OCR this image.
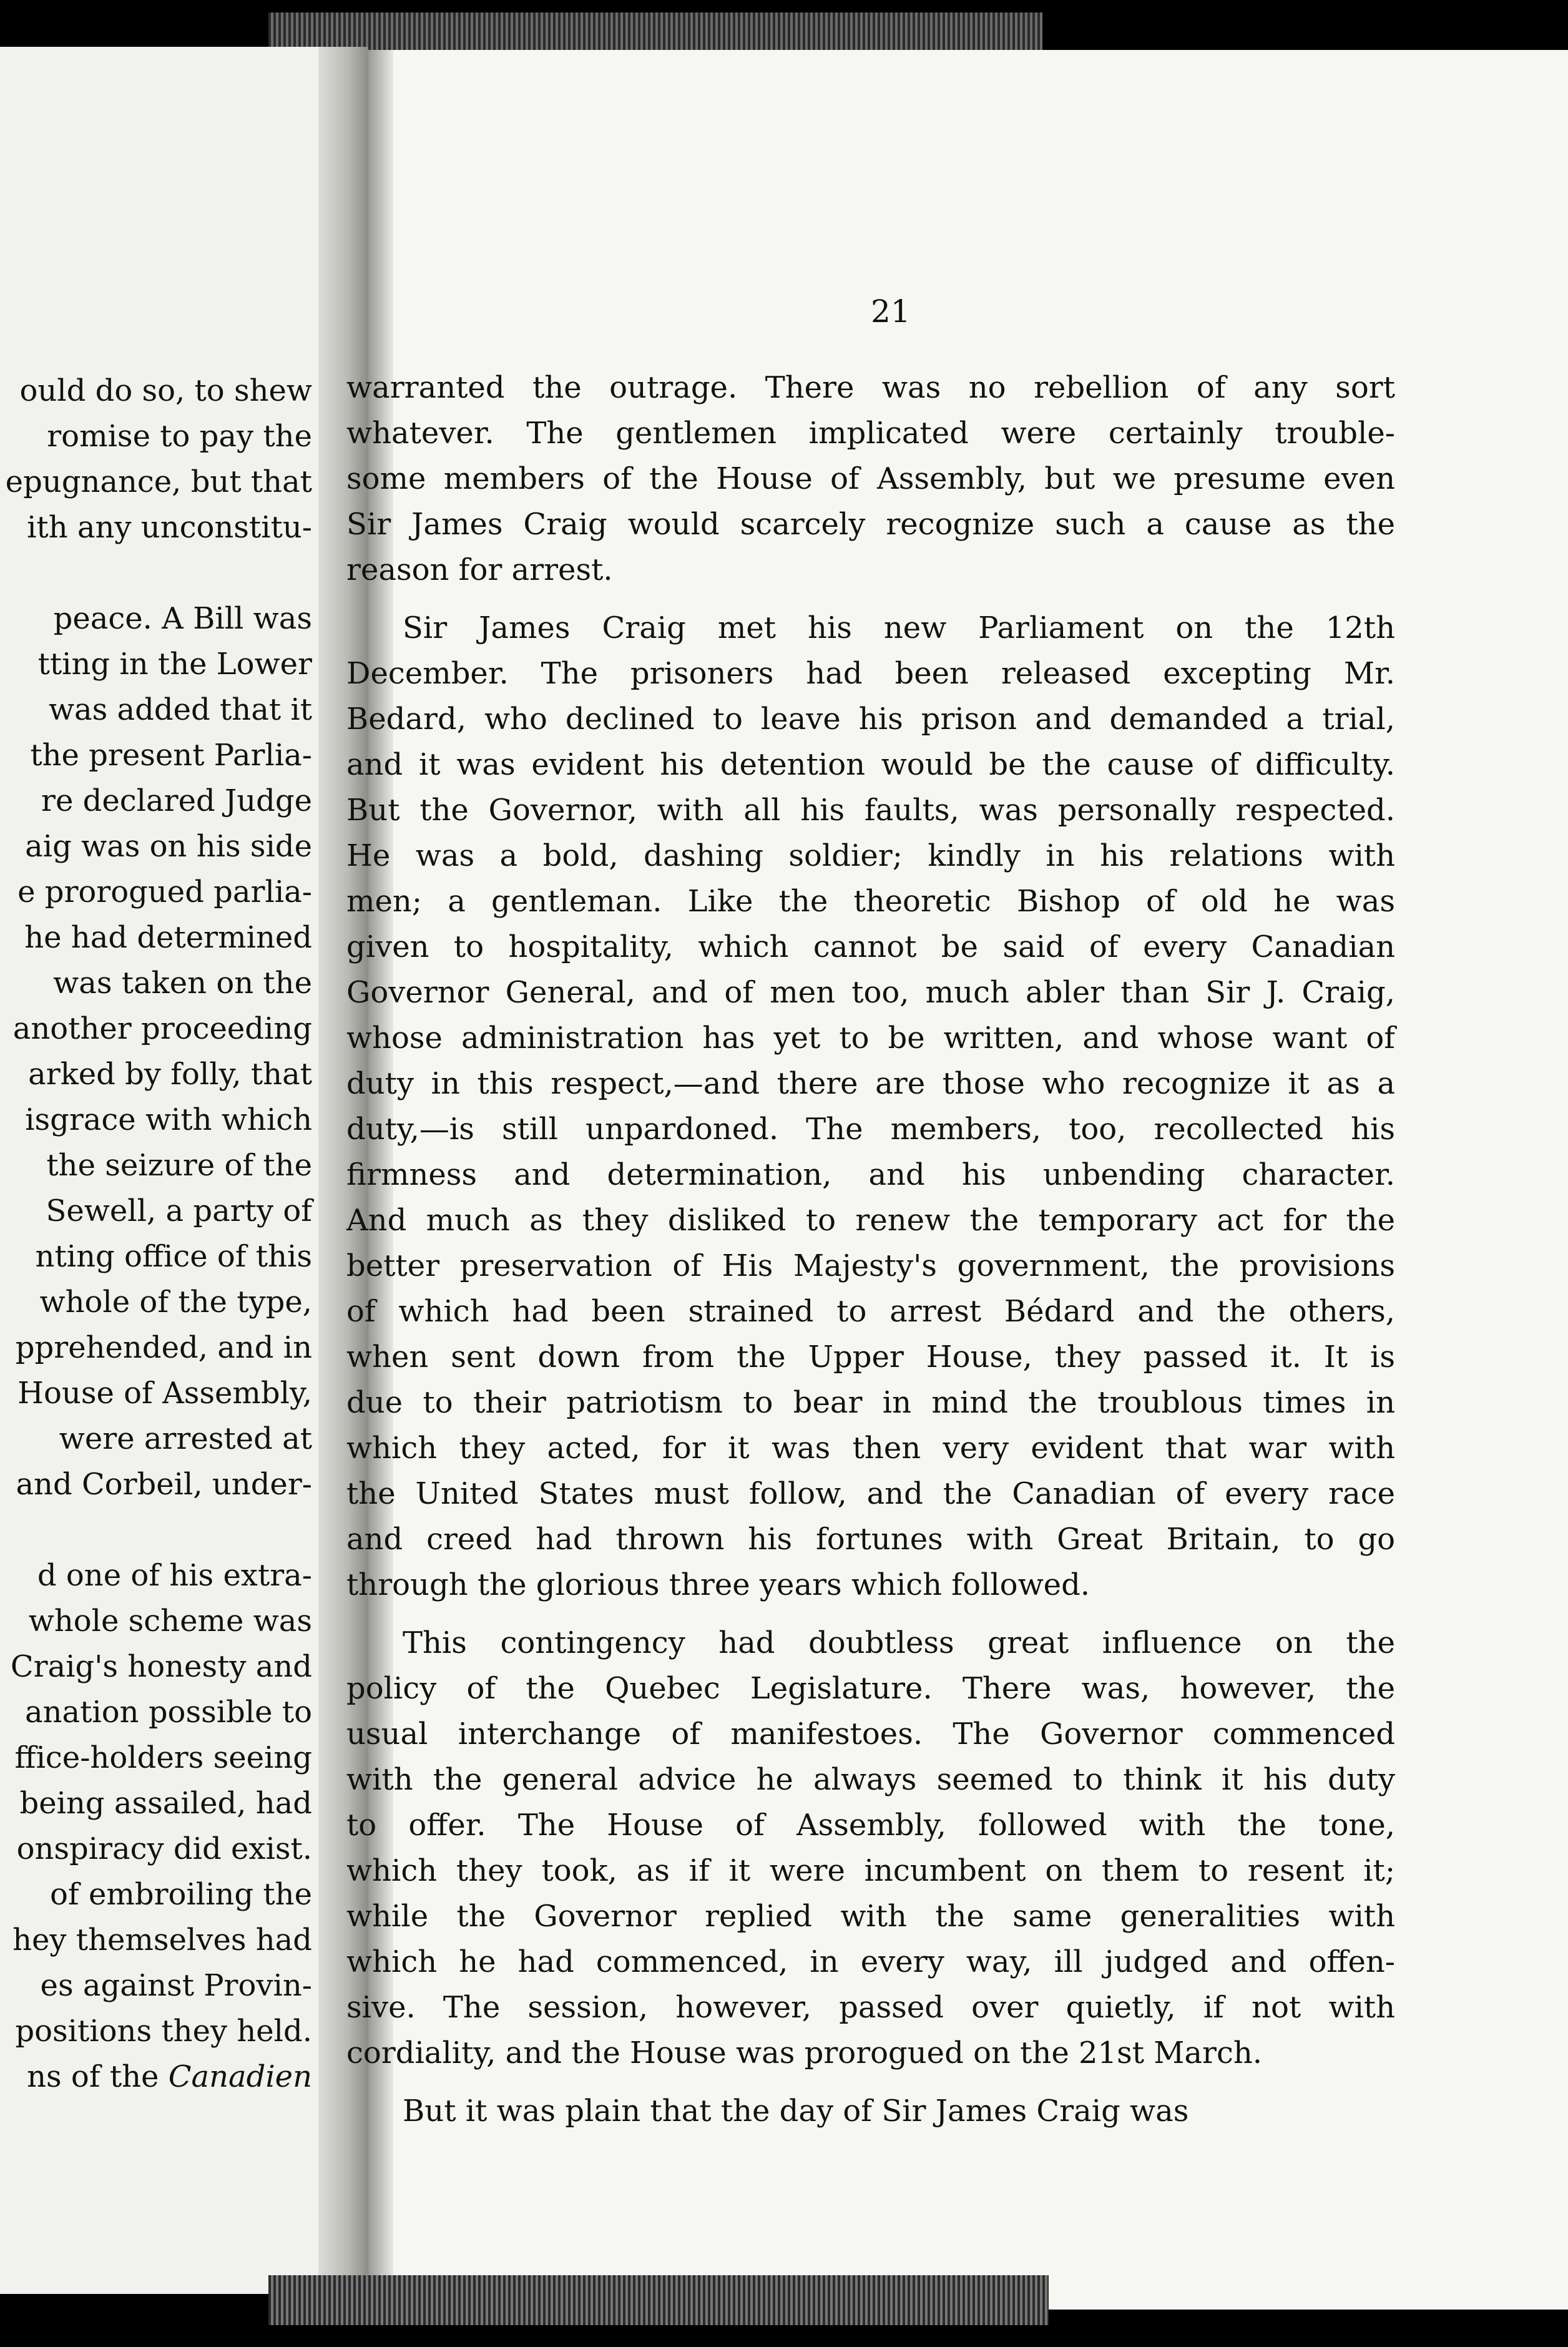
ould do so, to shew
romise to pay the
epugnance, but that
ith any unconstitu-
peace. A Bill was
tting in the Lower
was added that it
the present Parlia-
re declared Judge
aig was on his side
e prorogued parlia-
he had determined
was taken on the
another proceeding
arked by folly, that
isgrace with which
the seizure of the
Sewell, a party of
nting office of this
whole of the type,
pprehended, and in
House of Assembly,
were arrested at
and Corbeil, under-
d one of his extra-
whole scheme was
Craig's honesty and
anation possible to
ffice-holders seeing
being assailed, had
onspiracy did exist.
of embroiling the
hey themselves had
es against Provin-
positions they held.
ns of the Canadien
21
warranted the outrage. There was no rebellion of any sort
whatever. The gentlemen implicated were certainly trouble-
some members of the House of Assembly, but we presume even
Sir James Craig would scarcely recognize such a cause as the
reason for arrest.
Sir James Craig met his new Parliament on the 12th
December. The prisoners had been released excepting Mr.
Bedard, who declined to leave his prison and demanded a trial,
and it was evident his detention would be the cause of difficulty.
But the Governor, with all his faults, was personally respected.
He was a bold, dashing soldier; kindly in his relations with
men; a gentleman. Like the theoretic Bishop of old he was
given to hospitality, which cannot be said of every Canadian
Governor General, and of men too, much abler than Sir J. Craig,
whose administration has yet to be written, and whose want of
duty in this respect,—and there are those who recognize it as a
duty,—is still unpardoned. The members, too, recollected his
firmness and determination, and his unbending character.
And much as they disliked to renew the temporary act for the
better preservation of His Majesty's government, the provisions
of which had been strained to arrest Bédard and the others,
when sent down from the Upper House, they passed it. It is
due to their patriotism to bear in mind the troublous times in
which they acted, for it was then very evident that war with
the United States must follow, and the Canadian of every race
and creed had thrown his fortunes with Great Britain, to go
through the glorious three years which followed.
This contingency had doubtless great influence on the
policy of the Quebec Legislature. There was, however, the
usual interchange of manifestoes. The Governor commenced
with the general advice he always seemed to think it his duty
to offer. The House of Assembly, followed with the tone,
which they took, as if it were incumbent on them to resent it;
while the Governor replied with the same generalities with
which he had commenced, in every way, ill judged and offen-
sive. The session, however, passed over quietly, if not with
cordiality, and the House was prorogued on the 21st March.
But it was plain that the day of Sir James Craig was
